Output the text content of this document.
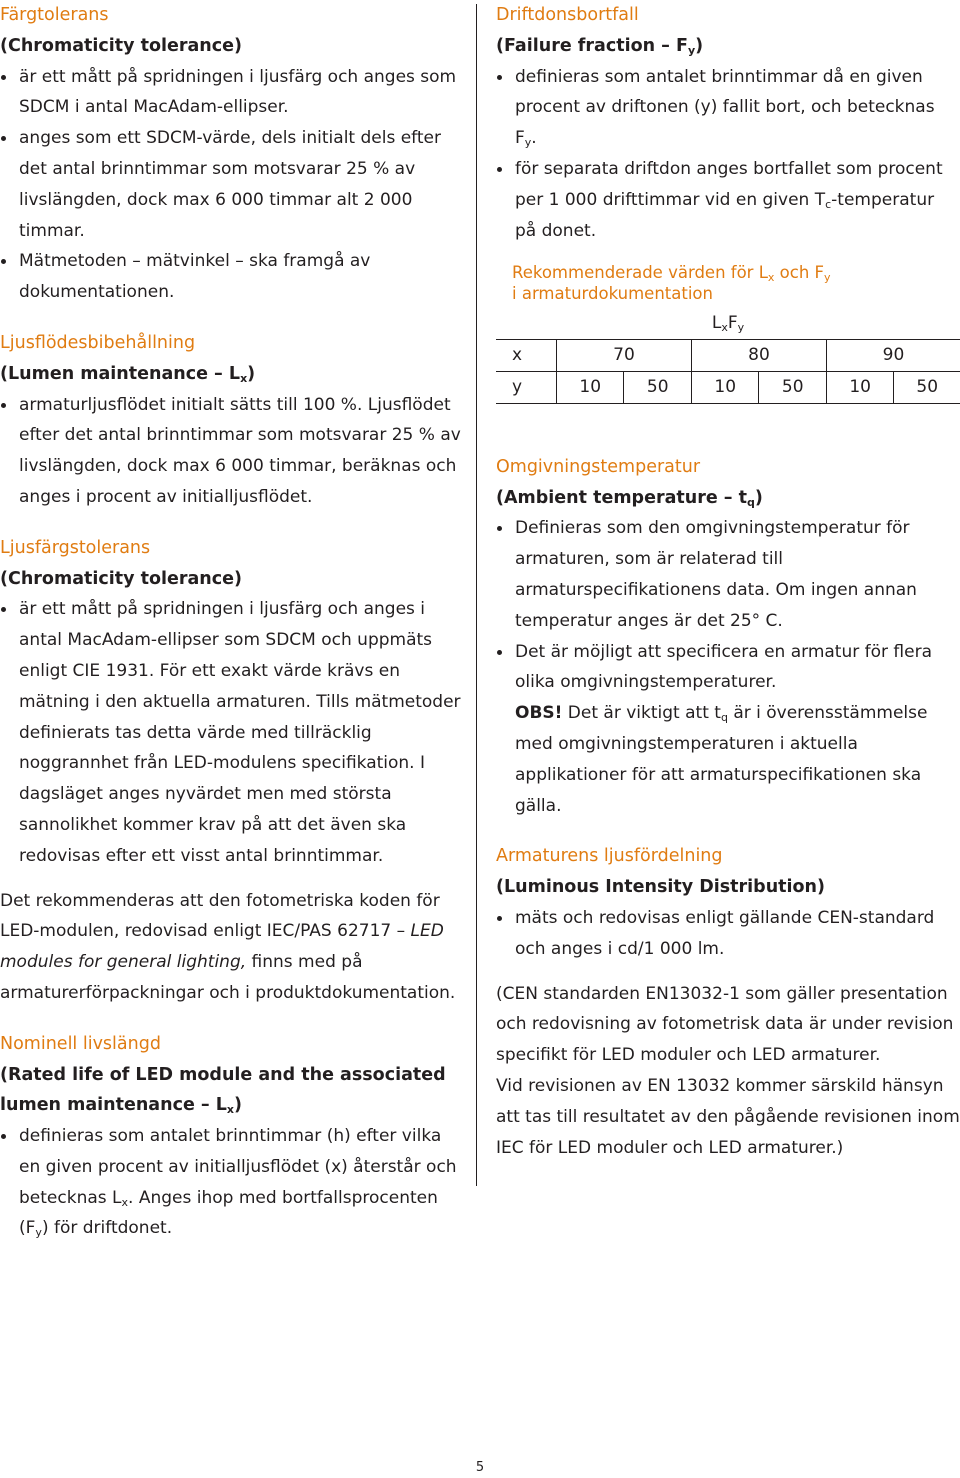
Färgtolerans
(Chromaticity tolerance)
är ett mått på spridningen i ljusfärg och anges som SDCM i antal MacAdam-ellipser.
anges som ett SDCM-värde, dels initialt dels efter det antal brinntimmar som motsvarar 25 % av livslängden, dock max 6 000 timmar alt 2 000 timmar.
Mätmetoden – mätvinkel – ska framgå av dokumentationen.
Ljusflödesbibehållning
(Lumen maintenance – $L_x$)
armaturljusflödet initialt sätts till 100 %. Ljusflödet efter det antal brinntimmar som motsvarar 25 % av livslängden, dock max 6 000 timmar, beräknas och anges i procent av initialljusflödet.
Ljusfärgstolerans
(Chromaticity tolerance)
är ett mått på spridningen i ljusfärg och anges i antal MacAdam-ellipser som SDCM och uppmäts enligt CIE 1931. För ett exakt värde krävs en mätning i den aktuella armaturen. Tills mätmetoder definierats tas detta värde med tillräcklig noggrannhet från LED-modulens specifikation. I dagsläget anges nyvärdet men med största sannolikhet kommer krav på att det även ska redovisas efter ett visst antal brinntimmar.

Det rekommenderas att den fotometriska koden för LED-modulen, redovisad enligt IEC/PAS 62717 – LED modules for general lighting, finns med på armaturerförpackningar och i produktdokumentation.

Nominell livslängd
(Rated life of LED module and the associated lumen maintenance – $L_x$)
definieras som antalet brinntimmar (h) efter vilka en given procent av initialljusflödet (x) återstår och betecknas $L_x$. Anges ihop med bortfallsprocenten $(F_y)$ för driftdonet.
Driftdonsbortfall
(Failure fraction – $F_y$)
definieras som antalet brinntimmar då en given procent av driftonen (y) fallit bort, och betecknas $F_y$.
för separata driftdon anges bortfallet som procent per 1 000 drifttimmar vid en given $T_c$-temperatur på donet.
Rekommenderade värden för $L_x$ och $F_y$
i armaturdokumentation
$L_xF_y$
x	70		80		90	
y	10	50	10	50	10	50
Omgivningstemperatur
(Ambient temperature – $t_q$)
Definieras som den omgivningstemperatur för armaturen, som är relaterad till armaturspecifikationens data. Om ingen annan temperatur anges är det 25° C.
Det är möjligt att specificera en armatur för flera olika omgivningstemperaturer.
OBS! Det är viktigt att $t_q$ är i överensstämmelse med omgivningstemperaturen i aktuella applikationer för att armaturspecifikationen ska gälla.
Armaturens ljusfördelning
(Luminous Intensity Distribution)
mäts och redovisas enligt gällande CEN-standard och anges i cd/1 000 lm.

(CEN standarden EN13032-1 som gäller presentation och redovisning av fotometrisk data är under revision specifikt för LED moduler och LED armaturer.

Vid revisionen av EN 13032 kommer särskild hänsyn att tas till resultatet av den pågående revisionen inom IEC för LED moduler och LED armaturer.)

5
